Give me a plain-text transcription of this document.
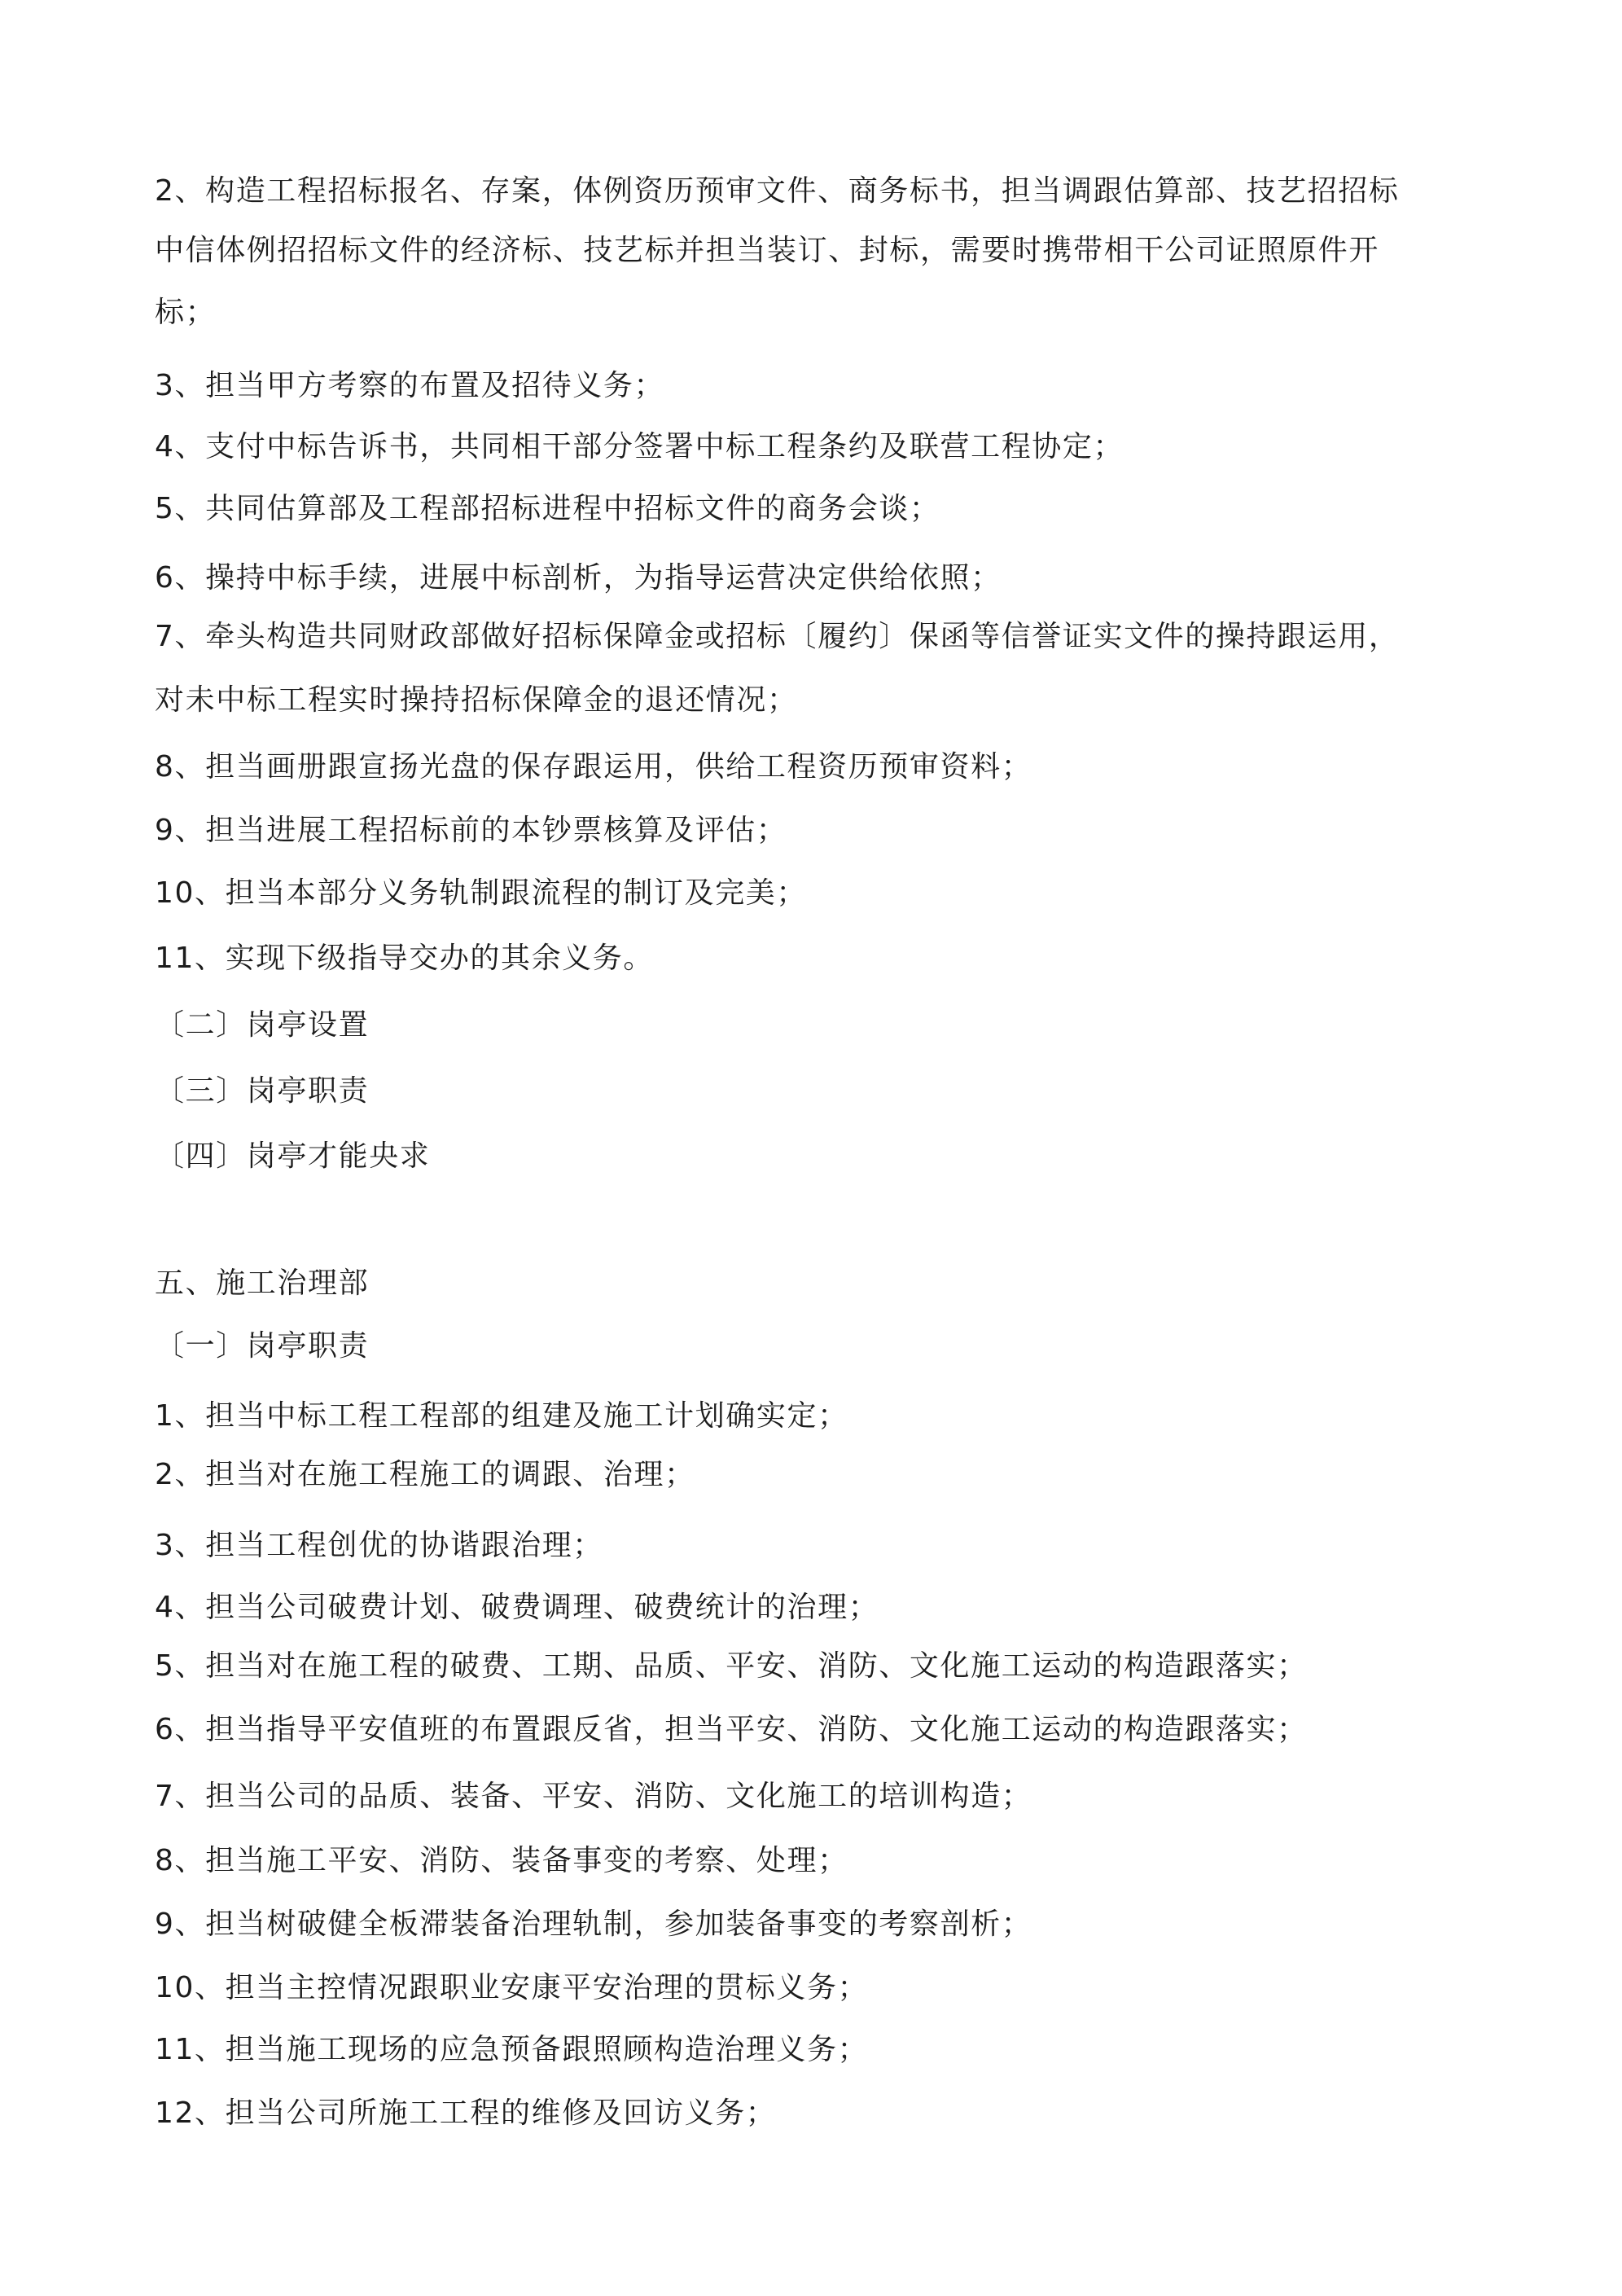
2、构造工程招标报名、存案，体例资历预审文件、商务标书，担当调跟估算部、技艺招招标
中信体例招招标文件的经济标、技艺标并担当装订、封标，需要时携带相干公司证照原件开
标；
3、担当甲方考察的布置及招待义务；
4、支付中标告诉书，共同相干部分签署中标工程条约及联营工程协定；
5、共同估算部及工程部招标进程中招标文件的商务会谈；
6、操持中标手续，进展中标剖析，为指导运营决定供给依照；
7、牵头构造共同财政部做好招标保障金或招标〔履约〕保函等信誉证实文件的操持跟运用，
对未中标工程实时操持招标保障金的退还情况；
8、担当画册跟宣扬光盘的保存跟运用，供给工程资历预审资料；
9、担当进展工程招标前的本钞票核算及评估；
10、担当本部分义务轨制跟流程的制订及完美；
11、实现下级指导交办的其余义务。
〔二〕岗亭设置
〔三〕岗亭职责
〔四〕岗亭才能央求
五、施工治理部
〔一〕岗亭职责
1、担当中标工程工程部的组建及施工计划确实定；
2、担当对在施工程施工的调跟、治理；
3、担当工程创优的协谐跟治理；
4、担当公司破费计划、破费调理、破费统计的治理；
5、担当对在施工程的破费、工期、品质、平安、消防、文化施工运动的构造跟落实；
6、担当指导平安值班的布置跟反省，担当平安、消防、文化施工运动的构造跟落实；
7、担当公司的品质、装备、平安、消防、文化施工的培训构造；
8、担当施工平安、消防、装备事变的考察、处理；
9、担当树破健全板滞装备治理轨制，参加装备事变的考察剖析；
10、担当主控情况跟职业安康平安治理的贯标义务；
11、担当施工现场的应急预备跟照顾构造治理义务；
12、担当公司所施工工程的维修及回访义务；
